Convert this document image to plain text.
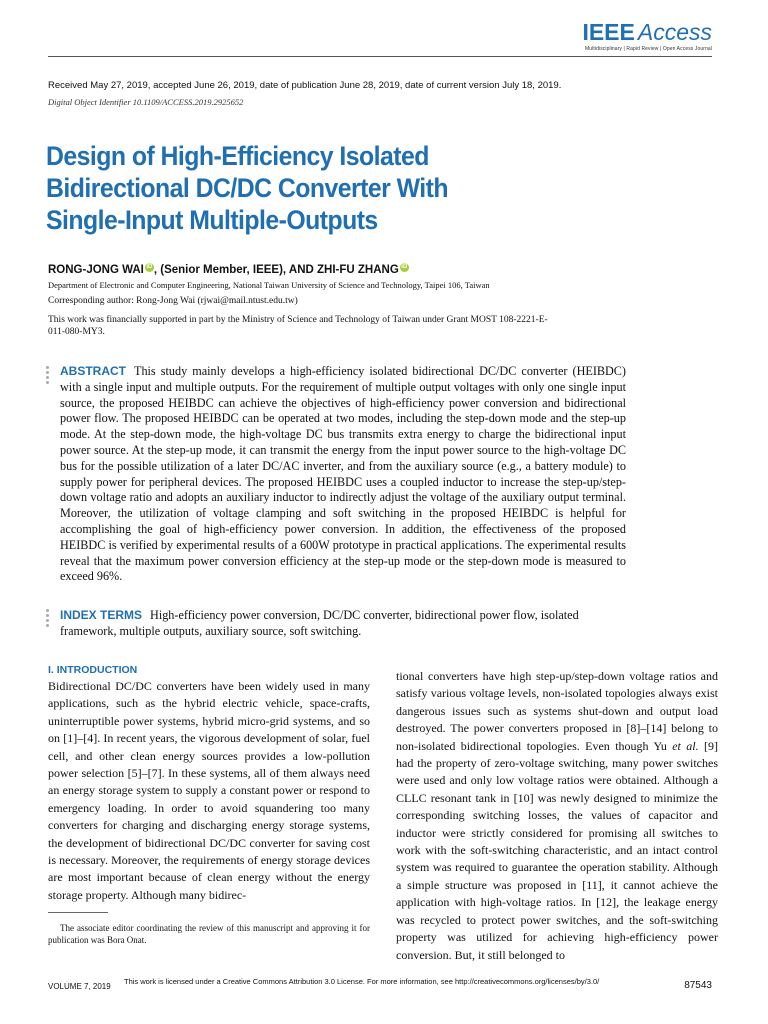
IEEE Access
Multidisciplinary | Rapid Review | Open Access Journal
Received May 27, 2019, accepted June 26, 2019, date of publication June 28, 2019, date of current version July 18, 2019.
Digital Object Identifier 10.1109/ACCESS.2019.2925652
Design of High-Efficiency Isolated
Bidirectional DC/DC Converter With
Single-Input Multiple-Outputs
RONG-JONG WAI iD , (Senior Member, IEEE), AND ZHI-FU ZHANG iD
Department of Electronic and Computer Engineering, National Taiwan University of Science and Technology, Taipei 106, Taiwan
Corresponding author: Rong-Jong Wai (rjwai@mail.ntust.edu.tw)
This work was financially supported in part by the Ministry of Science and Technology of Taiwan under Grant MOST 108-2221-E-011-080-MY3.
ABSTRACT This study mainly develops a high-efficiency isolated bidirectional DC/DC converter (HEIBDC) with a single input and multiple outputs. For the requirement of multiple output voltages with only one single input source, the proposed HEIBDC can achieve the objectives of high-efficiency power conversion and bidirectional power flow. The proposed HEIBDC can be operated at two modes, including the step-down mode and the step-up mode. At the step-down mode, the high-voltage DC bus transmits extra energy to charge the bidirectional input power source. At the step-up mode, it can transmit the energy from the input power source to the high-voltage DC bus for the possible utilization of a later DC/AC inverter, and from the auxiliary source (e.g., a battery module) to supply power for peripheral devices. The proposed HEIBDC uses a coupled inductor to increase the step-up/step-down voltage ratio and adopts an auxiliary inductor to indirectly adjust the voltage of the auxiliary output terminal. Moreover, the utilization of voltage clamping and soft switching in the proposed HEIBDC is helpful for accomplishing the goal of high-efficiency power conversion. In addition, the effectiveness of the proposed HEIBDC is verified by experimental results of a 600W prototype in practical applications. The experimental results reveal that the maximum power conversion efficiency at the step-up mode or the step-down mode is measured to exceed 96%.
INDEX TERMS High-efficiency power conversion, DC/DC converter, bidirectional power flow, isolated framework, multiple outputs, auxiliary source, soft switching.
I. INTRODUCTION

Bidirectional DC/DC converters have been widely used in many applications, such as the hybrid electric vehicle, space-crafts, uninterruptible power systems, hybrid micro-grid systems, and so on [1]–[4]. In recent years, the vigorous development of solar, fuel cell, and other clean energy sources provides a low-pollution power selection [5]–[7]. In these systems, all of them always need an energy storage system to supply a constant power or respond to emergency loading. In order to avoid squandering too many converters for charging and discharging energy storage systems, the development of bidirectional DC/DC converter for saving cost is necessary. Moreover, the requirements of energy storage devices are most important because of clean energy without the energy storage property. Although many bidirec-

tional converters have high step-up/step-down voltage ratios and satisfy various voltage levels, non-isolated topologies always exist dangerous issues such as systems shut-down and output load destroyed. The power converters proposed in [8]–[14] belong to non-isolated bidirectional topologies. Even though Yu et al. [9] had the property of zero-voltage switching, many power switches were used and only low voltage ratios were obtained. Although a CLLC resonant tank in [10] was newly designed to minimize the corresponding switching losses, the values of capacitor and inductor were strictly considered for promising all switches to work with the soft-switching characteristic, and an intact control system was required to guarantee the operation stability. Although a simple structure was proposed in [11], it cannot achieve the application with high-voltage ratios. In [12], the leakage energy was recycled to protect power switches, and the soft-switching property was utilized for achieving high-efficiency power conversion. But, it still belonged to

The associate editor coordinating the review of this manuscript and approving it for publication was Bora Onat.
VOLUME 7, 2019
This work is licensed under a Creative Commons Attribution 3.0 License. For more information, see http://creativecommons.org/licenses/by/3.0/	87543
